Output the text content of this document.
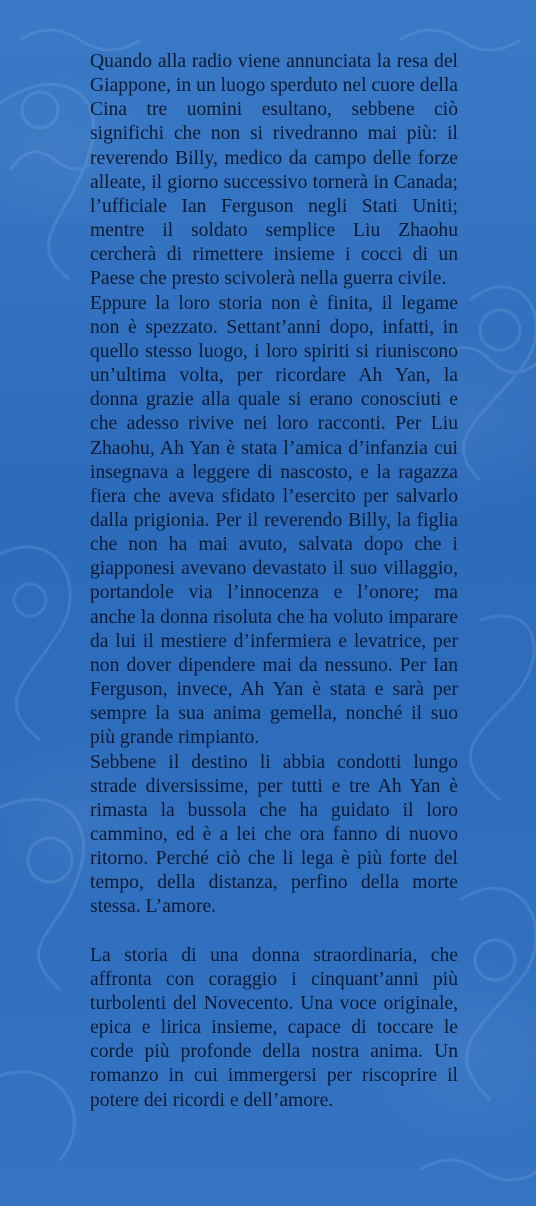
Quando alla radio viene annunciata la resa del Giappone, in un luogo sperduto nel cuore della Cina tre uomini esultano, sebbene ciò significhi che non si rivedranno mai più: il reverendo Billy, medico da campo delle forze alleate, il giorno successivo tornerà in Canada; l’ufficiale Ian Ferguson negli Stati Uniti; mentre il soldato semplice Liu Zhaohu cercherà di rimettere insieme i cocci di un Paese che presto scivolerà nella guerra civile.

Eppure la loro storia non è finita, il legame non è spezzato. Settant’anni dopo, infatti, in quello stesso luogo, i loro spiriti si riuniscono un’ultima volta, per ricordare Ah Yan, la donna grazie alla quale si erano conosciuti e che adesso rivive nei loro racconti. Per Liu Zhaohu, Ah Yan è stata l’amica d’infanzia cui insegnava a leggere di nascosto, e la ragazza fiera che aveva sfidato l’esercito per salvarlo dalla prigionia. Per il reverendo Billy, la figlia che non ha mai avuto, salvata dopo che i giapponesi avevano devastato il suo villaggio, portandole via l’innocenza e l’onore; ma anche la donna risoluta che ha voluto imparare da lui il mestiere d’infermiera e levatrice, per non dover dipendere mai da nessuno. Per Ian Ferguson, invece, Ah Yan è stata e sarà per sempre la sua anima gemella, nonché il suo più grande rimpianto.

Sebbene il destino li abbia condotti lungo strade diversissime, per tutti e tre Ah Yan è rimasta la bussola che ha guidato il loro cammino, ed è a lei che ora fanno di nuovo ritorno. Perché ciò che li lega è più forte del tempo, della distanza, perfino della morte stessa. L’amore.

La storia di una donna straordinaria, che affronta con coraggio i cinquant’anni più turbolenti del Novecento. Una voce originale, epica e lirica insieme, capace di toccare le corde più profonde della nostra anima. Un romanzo in cui immergersi per riscoprire il potere dei ricordi e dell’amore.
